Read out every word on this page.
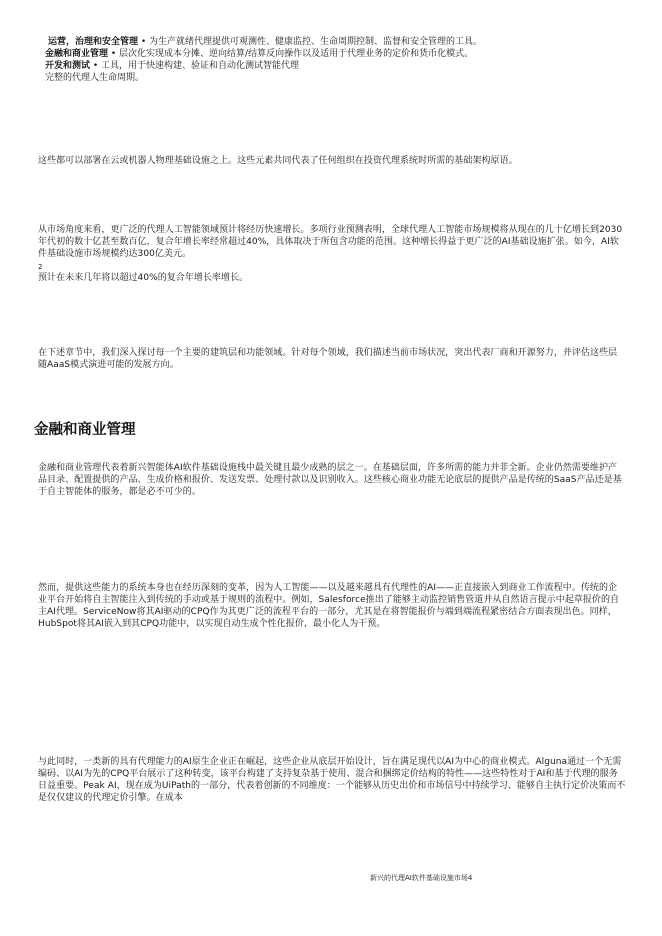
运营，治理和安全管理 • 为生产就绪代理提供可观测性、健康监控、生命周期控制、监督和安全管理的工具。
金融和商业管理 • 层次化实现成本分摊、逆向结算/结算反向操作以及适用于代理业务的定价和货币化模式。
开发和测试 • 工具，用于快速构建、验证和自动化测试智能代理
完整的代理人生命周期。
这些都可以部署在云或机器人物理基础设施之上。这些元素共同代表了任何组织在投资代理系统时所需的基础架构原语。
从市场角度来看，更广泛的代理人工智能领域预计将经历快速增长。多项行业预测表明，全球代理人工智能市场规模将从现在的几十亿增长到2030年代初的数十亿甚至数百亿，复合年增长率经常超过40%，具体取决于所包含功能的范围。这种增长得益于更广泛的AI基础设施扩张。如今，AI软件基础设施市场规模约达300亿美元。
2
预计在未来几年将以超过40%的复合年增长率增长。
在下述章节中，我们深入探讨每一个主要的建筑层和功能领域。针对每个领域，我们描述当前市场状况，突出代表厂商和开源努力，并评估这些层随AaaS模式演进可能的发展方向。
金融和商业管理
金融和商业管理代表着新兴智能体AI软件基础设施栈中最关键且最少成熟的层之一。在基础层面，许多所需的能力并非全新。企业仍然需要维护产品目录、配置提供的产品、生成价格和报价、发送发票、处理付款以及识别收入。这些核心商业功能无论底层的提供产品是传统的SaaS产品还是基于自主智能体的服务，都是必不可少的。
然而，提供这些能力的系统本身也在经历深刻的变革，因为人工智能——以及越来越具有代理性的AI——正直接嵌入到商业工作流程中。传统的企业平台开始将自主智能注入到传统的手动或基于规则的流程中。例如，Salesforce推出了能够主动监控销售管道并从自然语言提示中起草报价的自主AI代理。ServiceNow将其AI驱动的CPQ作为其更广泛的流程平台的一部分，尤其是在将智能报价与端到端流程紧密结合方面表现出色。同样，HubSpot将其AI嵌入到其CPQ功能中，以实现自动生成个性化报价，最小化人为干预。
与此同时，一类新的具有代理能力的AI原生企业正在崛起，这些企业从底层开始设计，旨在满足现代以AI为中心的商业模式。Alguna通过一个无需编码、以AI为先的CPQ平台展示了这种转变，该平台构建了支持复杂基于使用、混合和捆绑定价结构的特性——这些特性对于AI和基于代理的服务日益重要。Peak AI，现在成为UiPath的一部分，代表着创新的不同维度：一个能够从历史出价和市场信号中持续学习、能够自主执行定价决策而不是仅仅建议的代理定价引擎。在成本
新兴的代理AI软件基础设施市场4
